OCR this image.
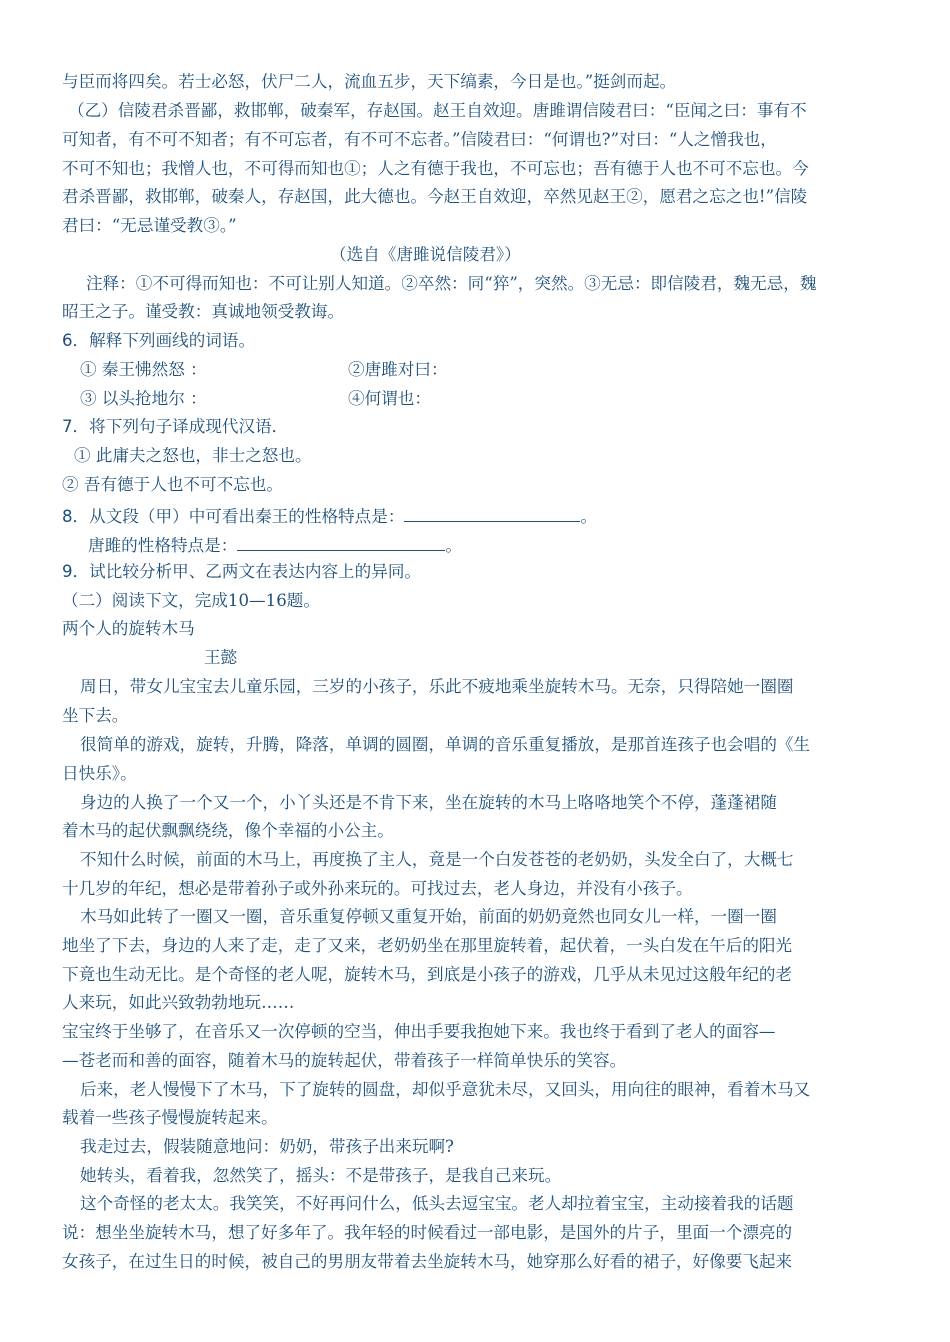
与臣而将四矣。若士必怒，伏尸二人，流血五步，天下缟素，今日是也。”挺剑而起。
（乙）信陵君杀晋鄙，救邯郸，破秦军，存赵国。赵王自效迎。唐雎谓信陵君曰：“臣闻之曰：事有不
可知者，有不可不知者；有不可忘者，有不可不忘者。”信陵君曰：“何谓也?”对曰：“人之憎我也，
不可不知也；我憎人也，不可得而知也①；人之有德于我也，不可忘也；吾有德于人也不可不忘也。今
君杀晋鄙，救邯郸，破秦人，存赵国，此大德也。今赵王自效迎，卒然见赵王②，愿君之忘之也!”信陵
君曰：“无忌谨受教③。”
（选自《唐雎说信陵君》）
注释：①不可得而知也：不可让别人知道。②卒然：同“猝”，突然。③无忌：即信陵君，魏无忌，魏
昭王之子。谨受教：真诚地领受教诲。
6．解释下列画线的词语。
① 秦王怫然怒 ：	②唐雎对曰：
③ 以头抢地尔 ：	④何谓也：
7．将下列句子译成现代汉语．
① 此庸夫之怒也，非士之怒也。
② 吾有德于人也不可不忘也。
8．从文段（甲）中可看出秦王的性格特点是：	。
唐雎的性格特点是：	。
9．试比较分析甲、乙两文在表达内容上的异同。
（二）阅读下文，完成10—16题。
两个人的旋转木马
王懿
周日，带女儿宝宝去儿童乐园，三岁的小孩子，乐此不疲地乘坐旋转木马。无奈，只得陪她一圈圈
坐下去。
很简单的游戏，旋转，升腾，降落，单调的圆圈，单调的音乐重复播放，是那首连孩子也会唱的《生
日快乐》。
身边的人换了一个又一个，小丫头还是不肯下来，坐在旋转的木马上咯咯地笑个不停，蓬蓬裙随
着木马的起伏飘飘绕绕，像个幸福的小公主。
不知什么时候，前面的木马上，再度换了主人，竟是一个白发苍苍的老奶奶，头发全白了，大概七
十几岁的年纪，想必是带着孙子或外孙来玩的。可找过去，老人身边，并没有小孩子。
木马如此转了一圈又一圈，音乐重复停顿又重复开始，前面的奶奶竟然也同女儿一样，一圈一圈
地坐了下去，身边的人来了走，走了又来，老奶奶坐在那里旋转着，起伏着，一头白发在午后的阳光
下竟也生动无比。是个奇怪的老人呢，旋转木马，到底是小孩子的游戏，几乎从未见过这般年纪的老
人来玩，如此兴致勃勃地玩……
宝宝终于坐够了，在音乐又一次停顿的空当，伸出手要我抱她下来。我也终于看到了老人的面容—
—苍老而和善的面容，随着木马的旋转起伏，带着孩子一样简单快乐的笑容。
后来，老人慢慢下了木马，下了旋转的圆盘，却似乎意犹未尽，又回头，用向往的眼神，看着木马又
载着一些孩子慢慢旋转起来。
我走过去，假装随意地问：奶奶，带孩子出来玩啊?
她转头，看着我，忽然笑了，摇头：不是带孩子，是我自己来玩。
这个奇怪的老太太。我笑笑，不好再问什么，低头去逗宝宝。老人却拉着宝宝，主动接着我的话题
说：想坐坐旋转木马，想了好多年了。我年轻的时候看过一部电影，是国外的片子，里面一个漂亮的
女孩子，在过生日的时候，被自己的男朋友带着去坐旋转木马，她穿那么好看的裙子，好像要飞起来
